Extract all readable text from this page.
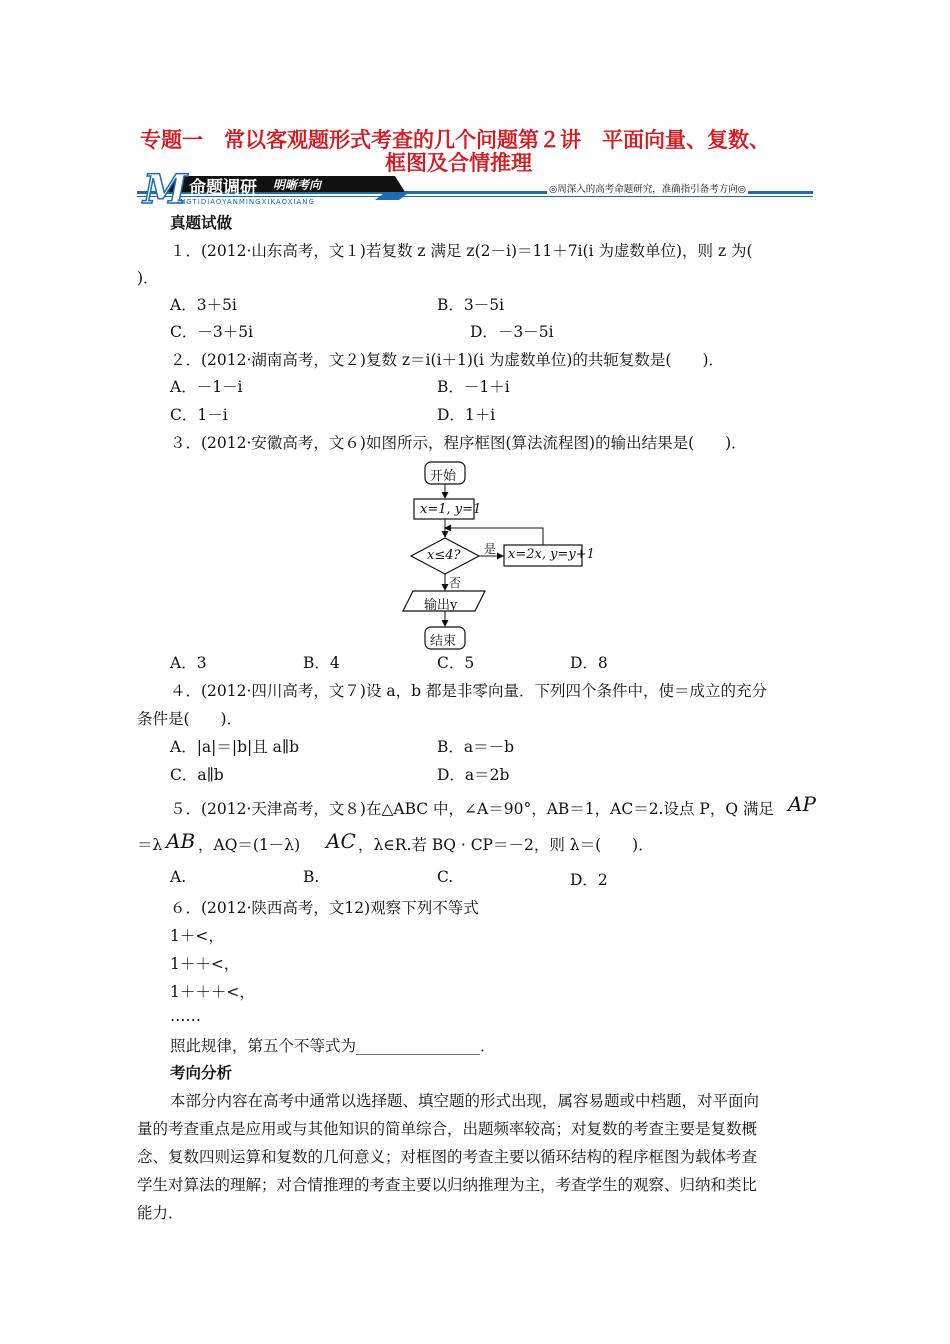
专题一　常以客观题形式考查的几个问题第２讲　平面向量、复数、
框图及合情推理
M 命题调研 明晰考向
INGTIDIAOYANMINGXIKAOXIANG
◎周深入的高考命题研究，准确指引备考方向◎
真题试做
１．(2012·山东高考，文１)若复数 z 满足 z(2－i)＝11＋7i(i 为虚数单位)，则 z 为(
)．
A．3＋5i	B．3－5i
C．－3＋5i	D．－3－5i
２．(2012·湖南高考，文２)复数 z＝i(i＋1)(i 为虚数单位)的共轭复数是(　　)．
A．－1－i	B．－1＋i
C．1－i	D．1＋i
３．(2012·安徽高考，文６)如图所示，程序框图(算法流程图)的输出结果是(　　)．
开始
x=1, y=1
x≤4? 是 x=2x, y=y+1
否
输出y
结束
A．3	B．4	C．5	D．8
４．(2012·四川高考，文７)设 a，b 都是非零向量．下列四个条件中，使＝成立的充分
条件是(　　)．
A．|a|＝|b|且 a∥b	B．a＝－b
C．a∥b	D．a＝2b
５．(2012·天津高考，文８)在△ABC 中，∠A＝90°，AB＝1，AC＝2.设点 P，Q 满足 AP
＝λ AB ，AQ＝(1－λ) AC ，λ∈R.若 BQ · CP＝－2，则 λ＝(　　)．
A.	B.	C.	D．2
６．(2012·陕西高考，文12)观察下列不等式
1＋<，
1＋＋<，
1＋＋＋<，
……
照此规律，第五个不等式为________________．
考向分析
本部分内容在高考中通常以选择题、填空题的形式出现，属容易题或中档题，对平面向
量的考查重点是应用或与其他知识的简单综合，出题频率较高；对复数的考查主要是复数概
念、复数四则运算和复数的几何意义；对框图的考查主要以循环结构的程序框图为载体考查
学生对算法的理解；对合情推理的考查主要以归纳推理为主，考查学生的观察、归纳和类比
能力．
